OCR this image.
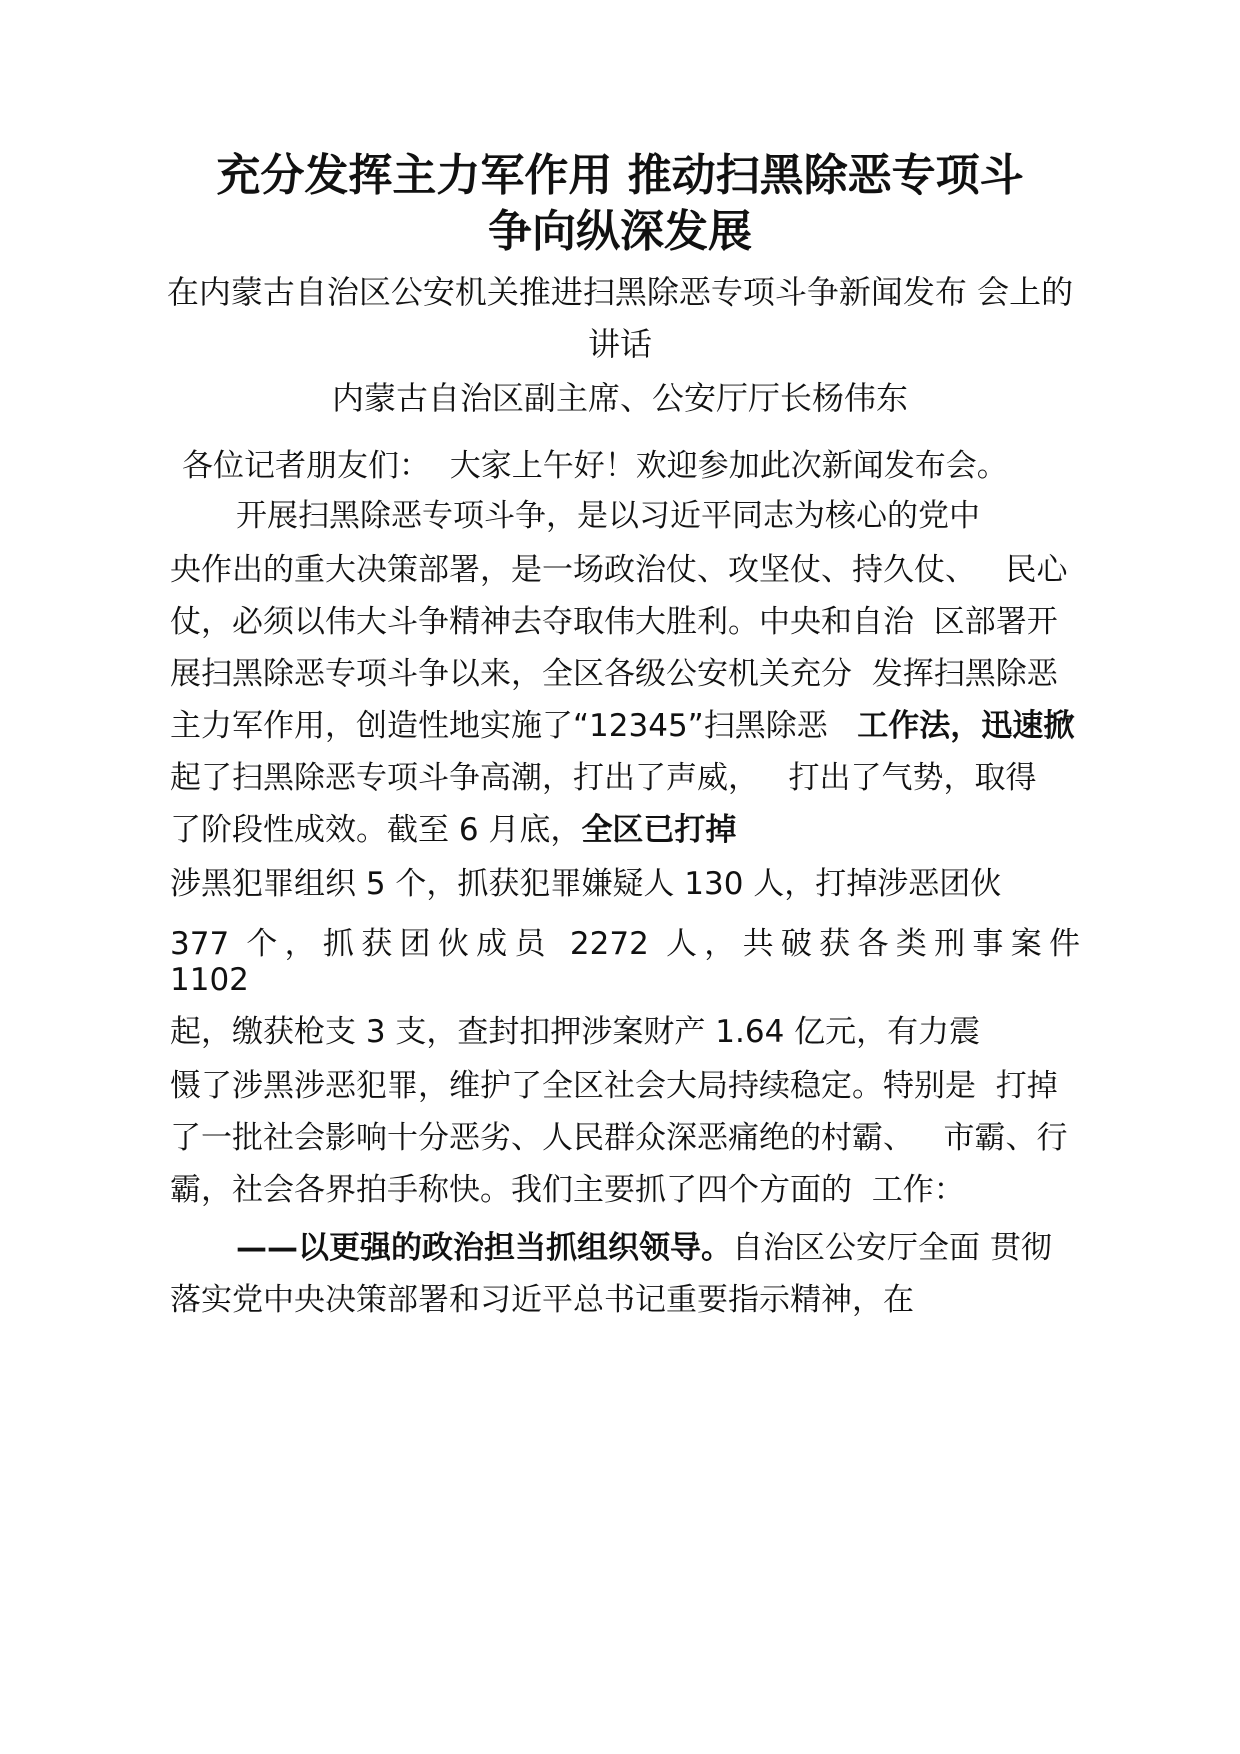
充分发挥主力军作用 推动扫黑除恶专项斗
争向纵深发展
在内蒙古自治区公安机关推进扫黑除恶专项斗争新闻发布 会上的
讲话
内蒙古自治区副主席、公安厅厅长杨伟东
各位记者朋友们：  大家上午好！欢迎参加此次新闻发布会。
开展扫黑除恶专项斗争，是以习近平同志为核心的党中
央作出的重大决策部署，是一场政治仗、攻坚仗、持久仗、   民心
仗，必须以伟大斗争精神去夺取伟大胜利。中央和自治  区部署开
展扫黑除恶专项斗争以来，全区各级公安机关充分  发挥扫黑除恶
主力军作用，创造性地实施了“12345”扫黑除恶   工作法，迅速掀
起了扫黑除恶专项斗争高潮，打出了声威，   打出了气势，取得
了阶段性成效。截至 6 月底，全区已打掉
涉黑犯罪组织 5 个，抓获犯罪嫌疑人 130 人，打掉涉恶团伙
377 个，抓获团伙成员 2272 人，共破获各类刑事案件
1102
起，缴获枪支 3 支，查封扣押涉案财产 1.64 亿元，有力震
慑了涉黑涉恶犯罪，维护了全区社会大局持续稳定。特别是  打掉
了一批社会影响十分恶劣、人民群众深恶痛绝的村霸、   市霸、行
霸，社会各界拍手称快。我们主要抓了四个方面的  工作：
——以更强的政治担当抓组织领导。自治区公安厅全面 贯彻
落实党中央决策部署和习近平总书记重要指示精神，在
